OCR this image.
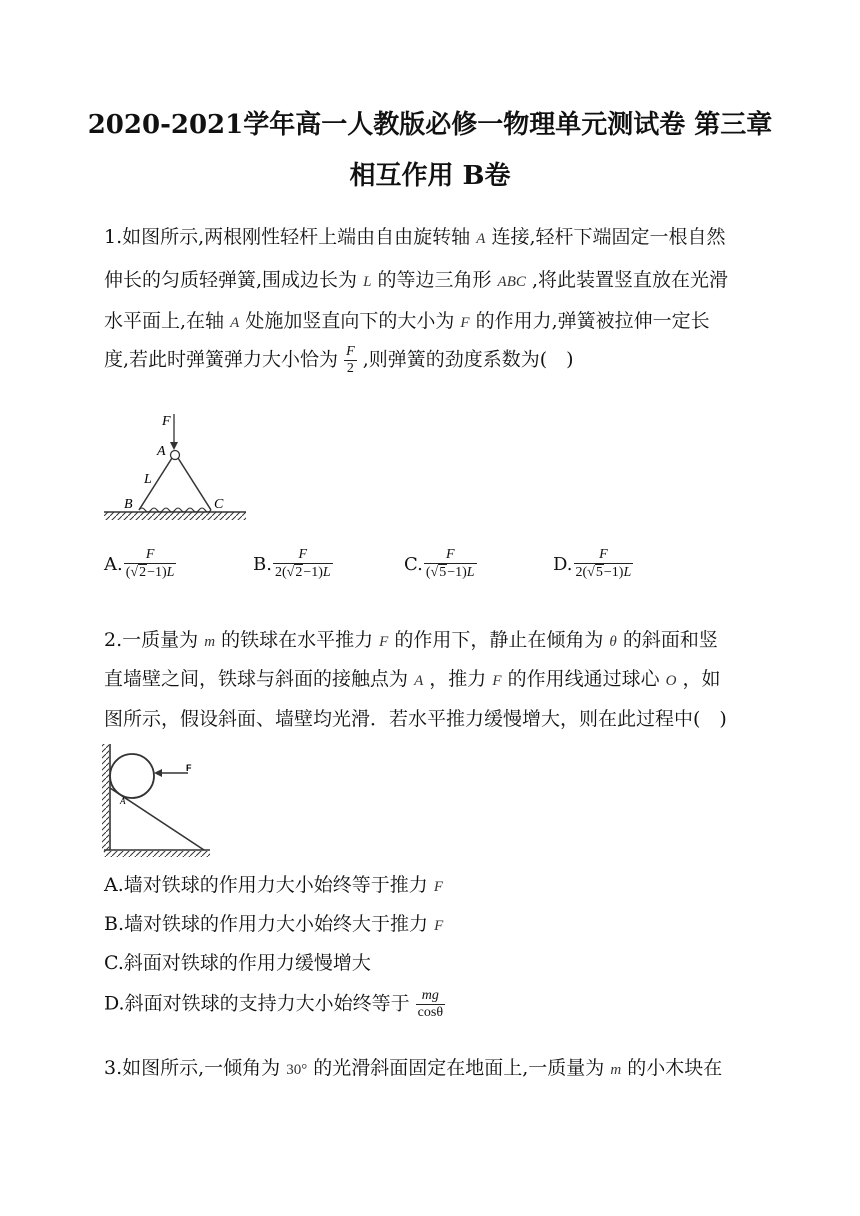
2020-2021学年高一人教版必修一物理单元测试卷 第三章
相互作用 B卷
1.如图所示,两根刚性轻杆上端由自由旋转轴 A 连接,轻杆下端固定一根自然
伸长的匀质轻弹簧,围成边长为 L 的等边三角形 ABC ,将此装置竖直放在光滑
水平面上,在轴 A 处施加竖直向下的大小为 F 的作用力,弹簧被拉伸一定长
度,若此时弹簧弹力大小恰为 $\frac{F}{2}$ ,则弹簧的劲度系数为(　)
F
A
L
B	C
A. $\frac{F}{(√2-1)L}$	B. $\frac{F}{2(√2-1)L}$	C. $\frac{F}{(√5-1)L}$	D. $\frac{F}{2(√5-1)L}$
2.一质量为 m 的铁球在水平推力 F 的作用下，静止在倾角为 θ 的斜面和竖
直墙壁之间，铁球与斜面的接触点为 A ，推力 F 的作用线通过球心 O ，如
图所示，假设斜面、墙壁均光滑．若水平推力缓慢增大，则在此过程中(　)
F
A
A.墙对铁球的作用力大小始终等于推力 F
B.墙对铁球的作用力大小始终大于推力 F
C.斜面对铁球的作用力缓慢增大
D.斜面对铁球的支持力大小始终等于 $\frac{mg}{\cos\theta}$
3.如图所示,一倾角为 30° 的光滑斜面固定在地面上,一质量为 m 的小木块在
